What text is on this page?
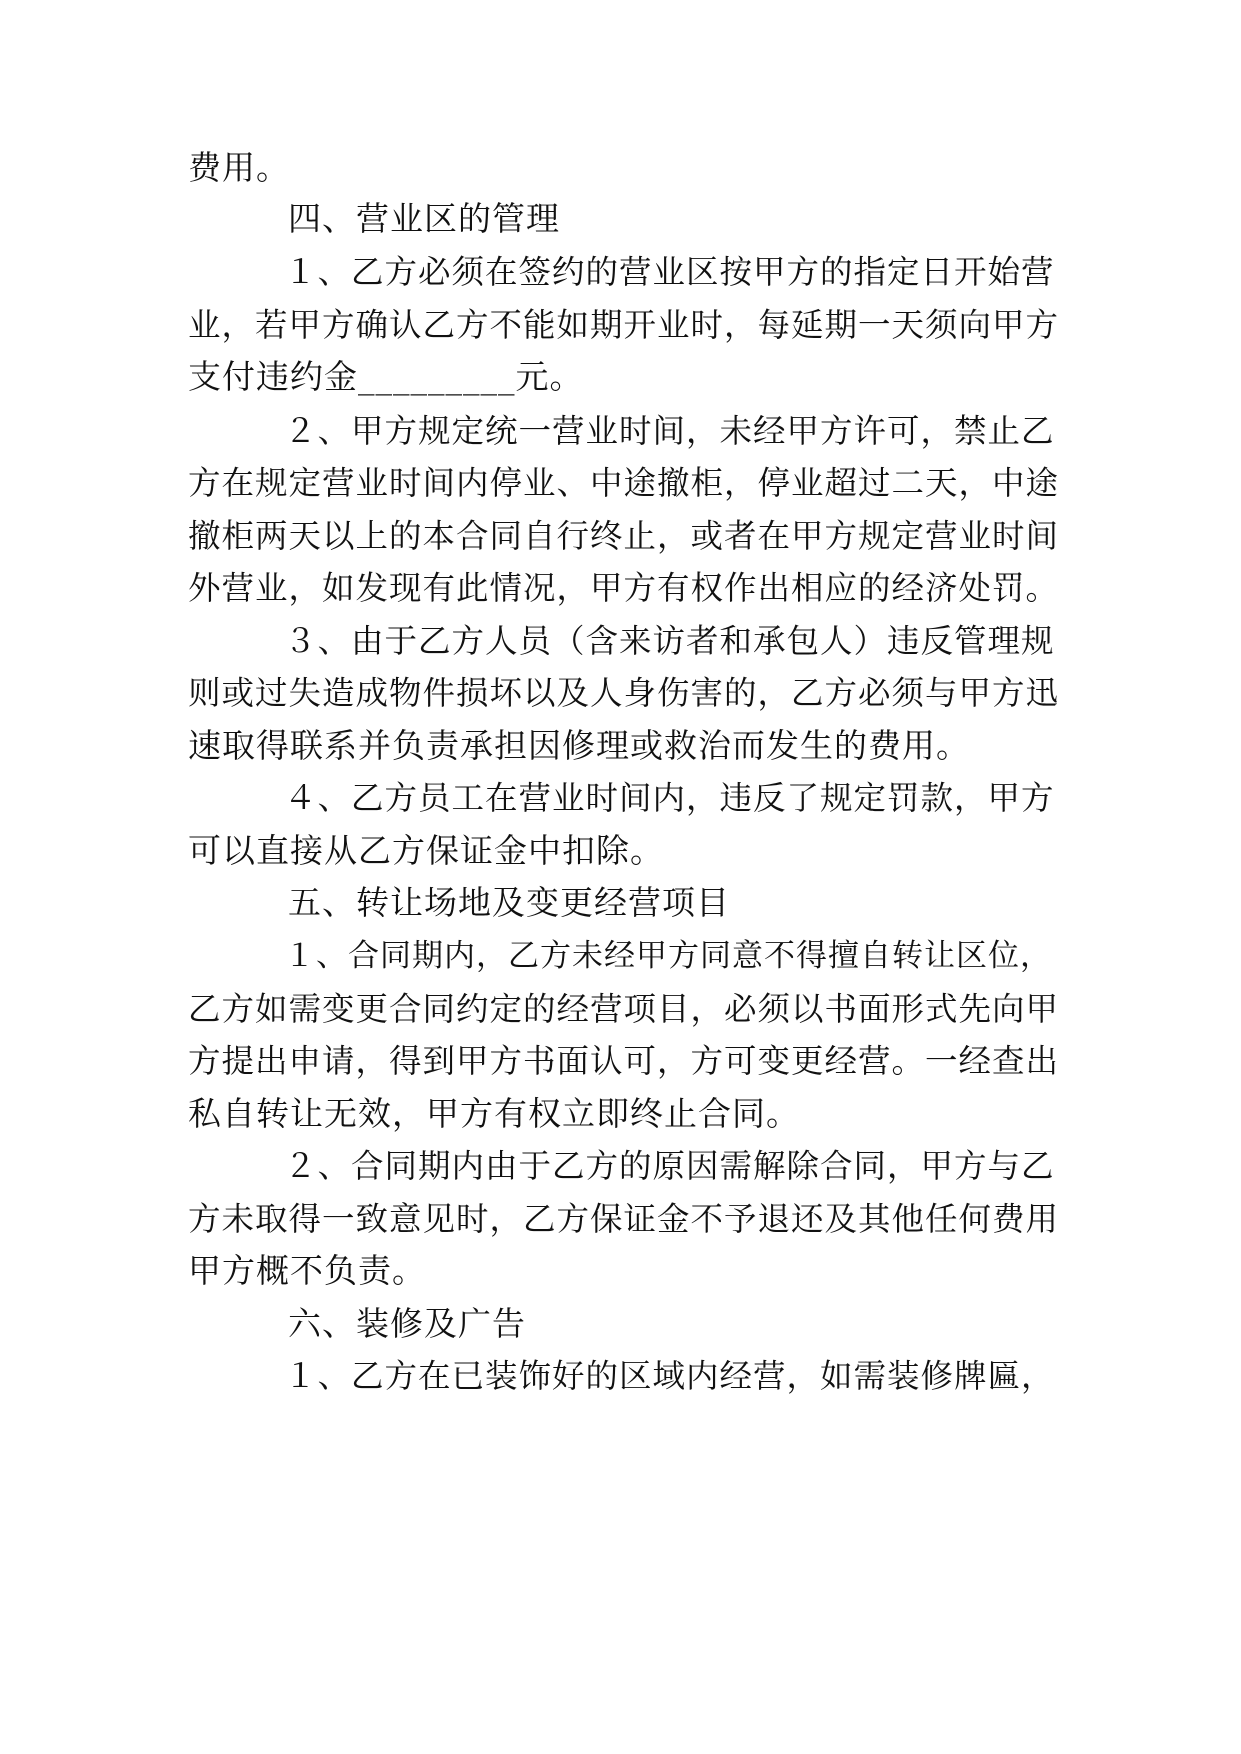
费用。

四、营业区的管理

１、乙方必须在签约的营业区按甲方的指定日开始营

业，若甲方确认乙方不能如期开业时，每延期一天须向甲方

支付违约金_________元。

２、甲方规定统一营业时间，未经甲方许可，禁止乙

方在规定营业时间内停业、中途撤柜，停业超过二天，中途

撤柜两天以上的本合同自行终止，或者在甲方规定营业时间

外营业，如发现有此情况，甲方有权作出相应的经济处罚。

３、由于乙方人员（含来访者和承包人）违反管理规

则或过失造成物件损坏以及人身伤害的，乙方必须与甲方迅

速取得联系并负责承担因修理或救治而发生的费用。

４、乙方员工在营业时间内，违反了规定罚款，甲方

可以直接从乙方保证金中扣除。

五、转让场地及变更经营项目

１、合同期内，乙方未经甲方同意不得擅自转让区位，

乙方如需变更合同约定的经营项目，必须以书面形式先向甲

方提出申请，得到甲方书面认可，方可变更经营。一经查出

私自转让无效，甲方有权立即终止合同。

２、合同期内由于乙方的原因需解除合同，甲方与乙

方未取得一致意见时，乙方保证金不予退还及其他任何费用

甲方概不负责。

六、装修及广告

１、乙方在已装饰好的区域内经营，如需装修牌匾，
